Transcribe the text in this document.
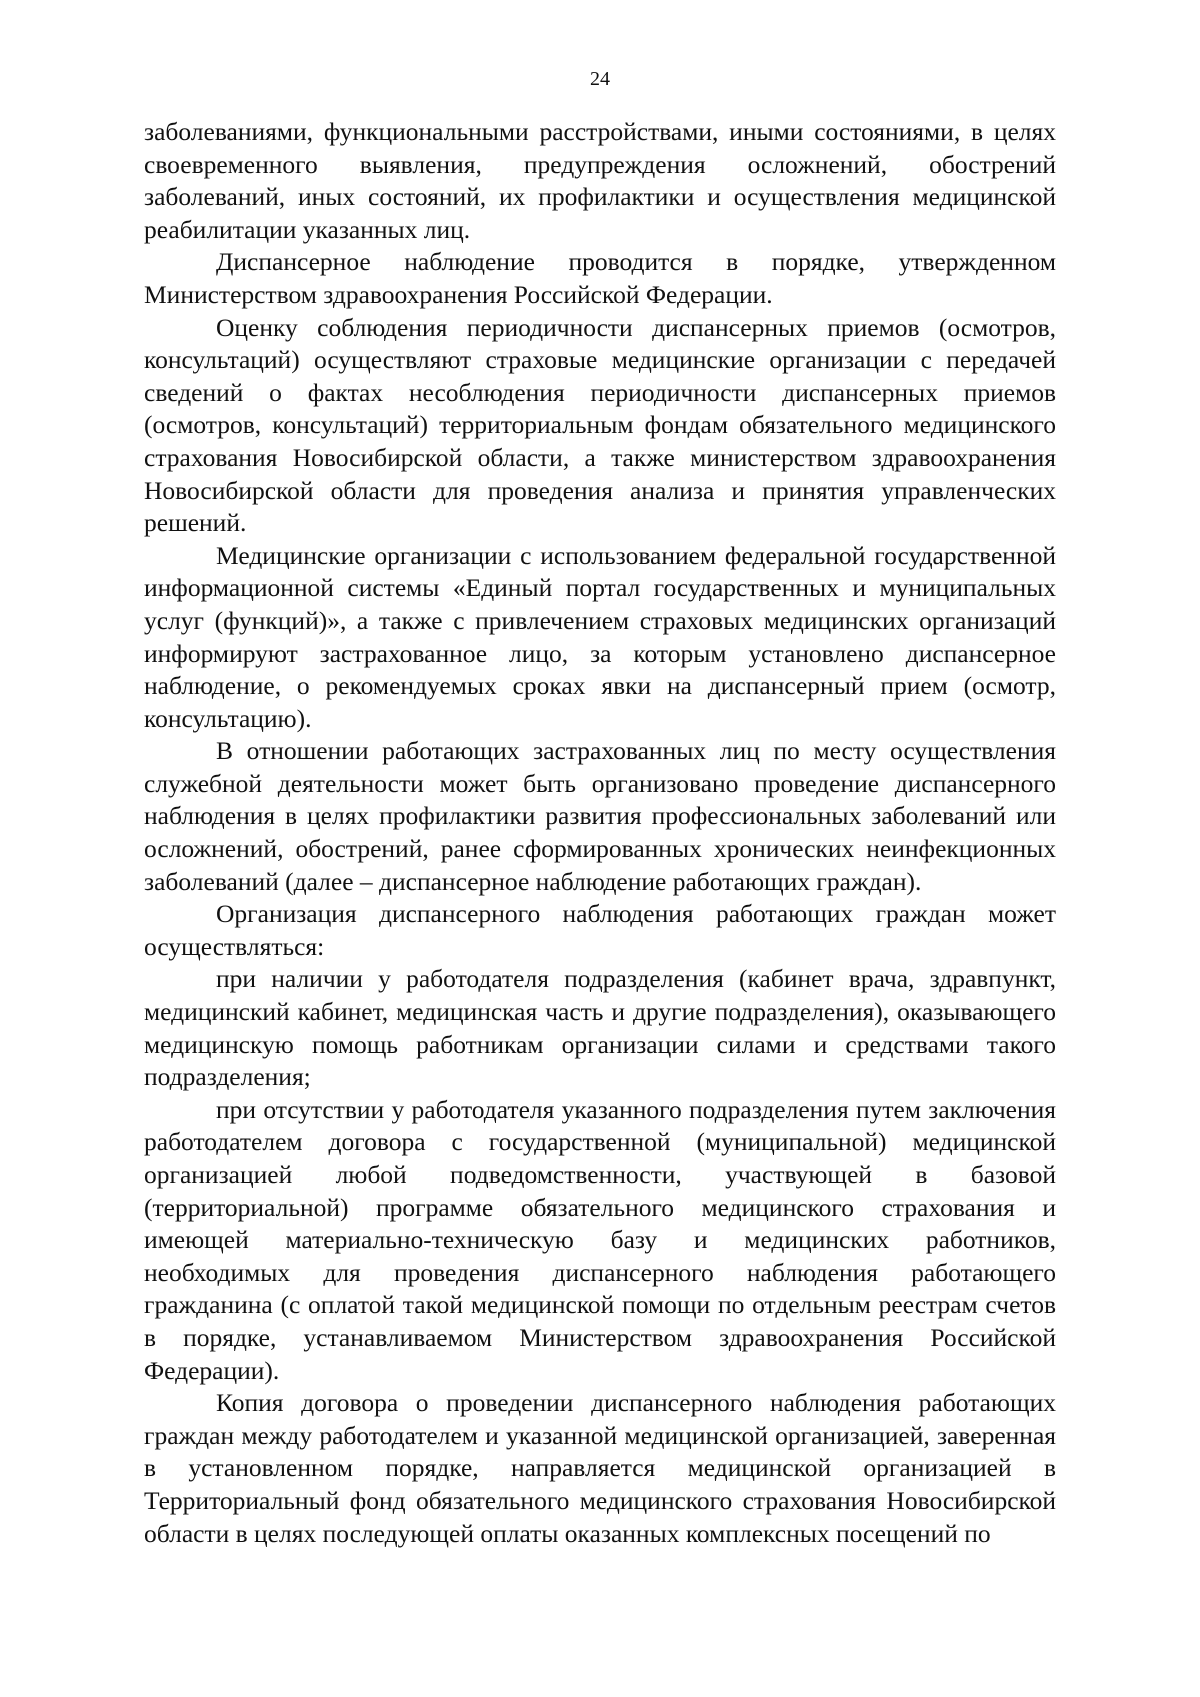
24

заболеваниями, функциональными расстройствами, иными состояниями, в целях своевременного выявления, предупреждения осложнений, обострений заболеваний, иных состояний, их профилактики и осуществления медицинской реабилитации указанных лиц.

Диспансерное наблюдение проводится в порядке, утвержденном Министерством здравоохранения Российской Федерации.

Оценку соблюдения периодичности диспансерных приемов (осмотров, консультаций) осуществляют страховые медицинские организации с передачей сведений о фактах несоблюдения периодичности диспансерных приемов (осмотров, консультаций) территориальным фондам обязательного медицинского страхования Новосибирской области, а также министерством здравоохранения Новосибирской области для проведения анализа и принятия управленческих решений.

Медицинские организации с использованием федеральной государственной информационной системы «Единый портал государственных и муниципальных услуг (функций)», а также с привлечением страховых медицинских организаций информируют застрахованное лицо, за которым установлено диспансерное наблюдение, о рекомендуемых сроках явки на диспансерный прием (осмотр, консультацию).

В отношении работающих застрахованных лиц по месту осуществления служебной деятельности может быть организовано проведение диспансерного наблюдения в целях профилактики развития профессиональных заболеваний или осложнений, обострений, ранее сформированных хронических неинфекционных заболеваний (далее – диспансерное наблюдение работающих граждан).

Организация диспансерного наблюдения работающих граждан может осуществляться:

при наличии у работодателя подразделения (кабинет врача, здравпункт, медицинский кабинет, медицинская часть и другие подразделения), оказывающего медицинскую помощь работникам организации силами и средствами такого подразделения;

при отсутствии у работодателя указанного подразделения путем заключения работодателем договора с государственной (муниципальной) медицинской организацией любой подведомственности, участвующей в базовой (территориальной) программе обязательного медицинского страхования и имеющей материально-техническую базу и медицинских работников, необходимых для проведения диспансерного наблюдения работающего гражданина (с оплатой такой медицинской помощи по отдельным реестрам счетов в порядке, устанавливаемом Министерством здравоохранения Российской Федерации).

Копия договора о проведении диспансерного наблюдения работающих граждан между работодателем и указанной медицинской организацией, заверенная в установленном порядке, направляется медицинской организацией в Территориальный фонд обязательного медицинского страхования Новосибирской области в целях последующей оплаты оказанных комплексных посещений по
